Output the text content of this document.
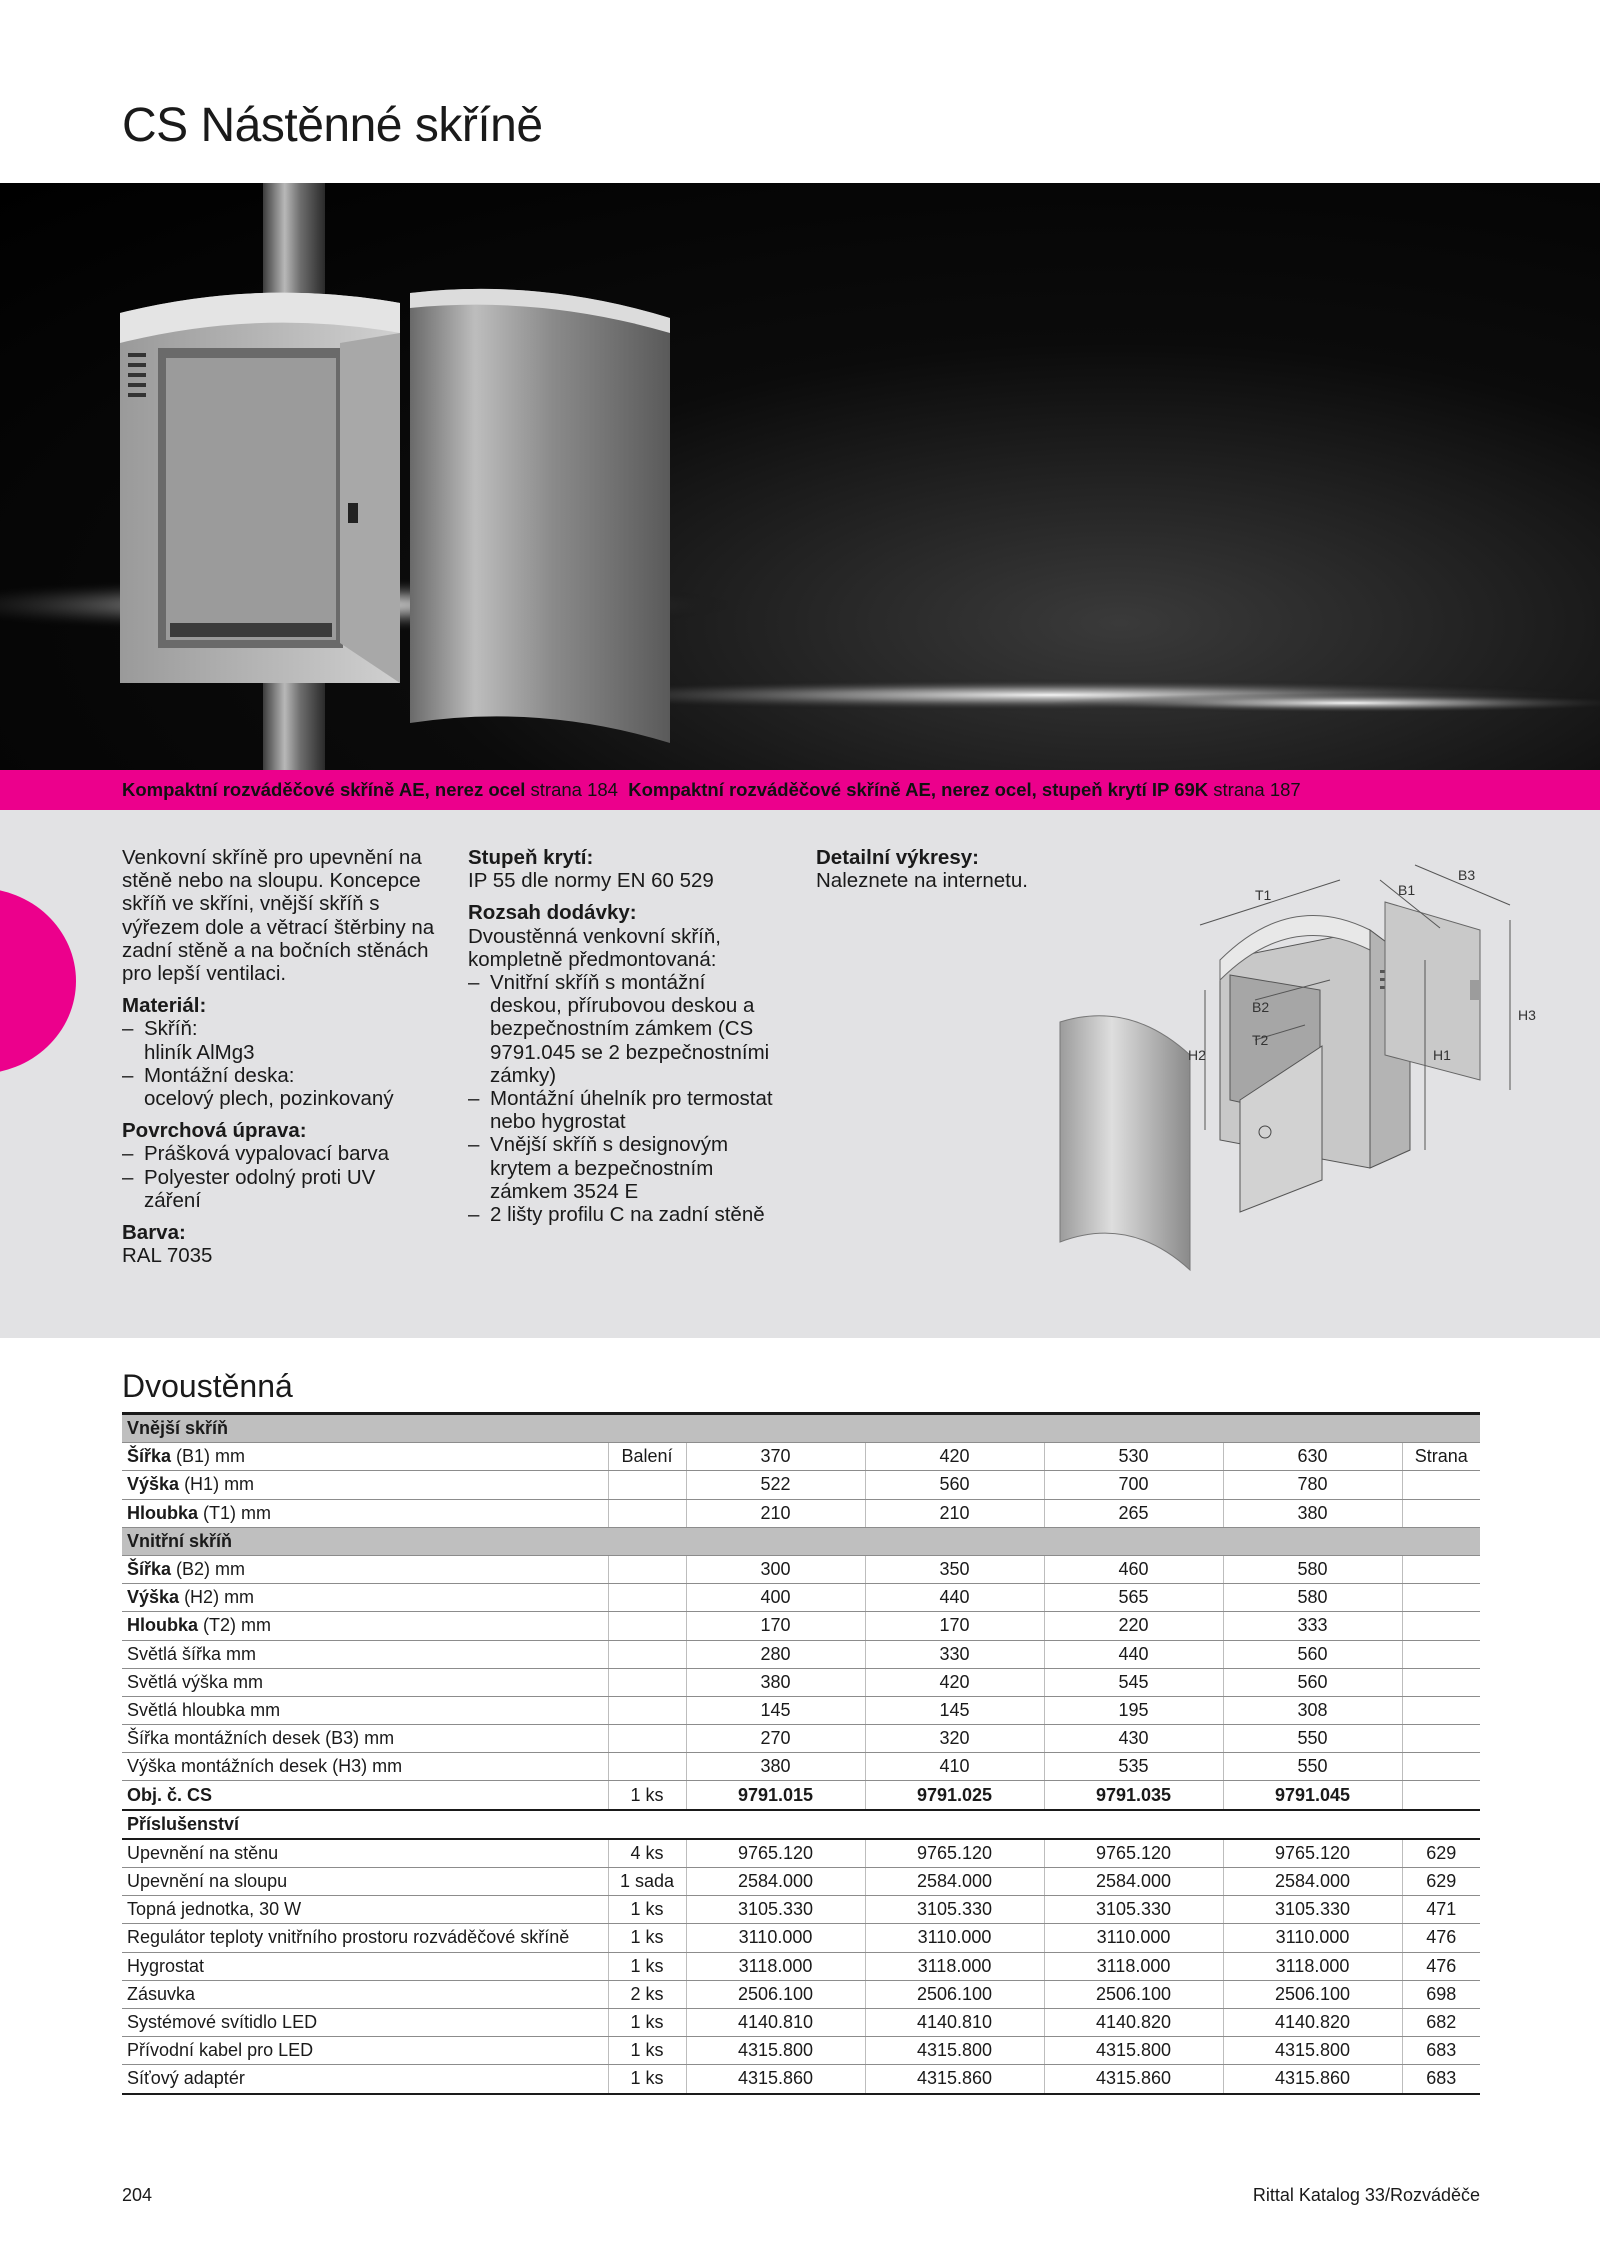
CS Nástěnné skříně
Kompaktní rozváděčové skříně AE, nerez ocel strana 184 Kompaktní rozváděčové skříně AE, nerez ocel, stupeň krytí IP 69K strana 187

Venkovní skříně pro upevnění na stěně nebo na sloupu. Koncepce skříň ve skříni, vnější skříň s výřezem dole a větrací štěrbiny na zadní stěně a na bočních stěnách pro lepší ventilaci.

Materiál:

– Skříň:
hliník AlMg3
– Montážní deska:
ocelový plech, pozinkovaný

Povrchová úprava:

– Prášková vypalovací barva
– Polyester odolný proti UV záření

Barva:

RAL 7035

Stupeň krytí:

IP 55 dle normy EN 60 529

Rozsah dodávky:

Dvoustěnná venkovní skříň, kompletně předmontovaná:

– Vnitřní skříň s montážní deskou, přírubovou deskou a bezpečnostním zámkem (CS 9791.045 se 2 bezpečnostními zámky)
– Montážní úhelník pro termostat nebo hygrostat
– Vnější skříň s designovým krytem a bezpečnostním zámkem 3524 E
– 2 lišty profilu C na zadní stěně

Detailní výkresy:

Naleznete na internetu.

T1	B1
B3
H3
H1
H2
B2
T2
Dvoustěnná
Vnější skříň						
Šířka (B1) mm	Balení	370	420	530	630	Strana
Výška (H1) mm		522	560	700	780	
Hloubka (T1) mm		210	210	265	380	
Vnitřní skříň						
Šířka (B2) mm		300	350	460	580	
Výška (H2) mm		400	440	565	580	
Hloubka (T2) mm		170	170	220	333	
Světlá šířka mm		280	330	440	560	
Světlá výška mm		380	420	545	560	
Světlá hloubka mm		145	145	195	308	
Šířka montážních desek (B3) mm		270	320	430	550	
Výška montážních desek (H3) mm		380	410	535	550	
Obj. č. CS	1 ks	9791.015	9791.025	9791.035	9791.045	
Příslušenství						
Upevnění na stěnu	4 ks	9765.120	9765.120	9765.120	9765.120	629
Upevnění na sloupu	1 sada	2584.000	2584.000	2584.000	2584.000	629
Topná jednotka, 30 W	1 ks	3105.330	3105.330	3105.330	3105.330	471
Regulátor teploty vnitřního prostoru rozváděčové skříně	1 ks	3110.000	3110.000	3110.000	3110.000	476
Hygrostat	1 ks	3118.000	3118.000	3118.000	3118.000	476
Zásuvka	2 ks	2506.100	2506.100	2506.100	2506.100	698
Systémové svítidlo LED	1 ks	4140.810	4140.810	4140.820	4140.820	682
Přívodní kabel pro LED	1 ks	4315.800	4315.800	4315.800	4315.800	683
Síťový adaptér	1 ks	4315.860	4315.860	4315.860	4315.860	683
204	Rittal Katalog 33/Rozváděče
